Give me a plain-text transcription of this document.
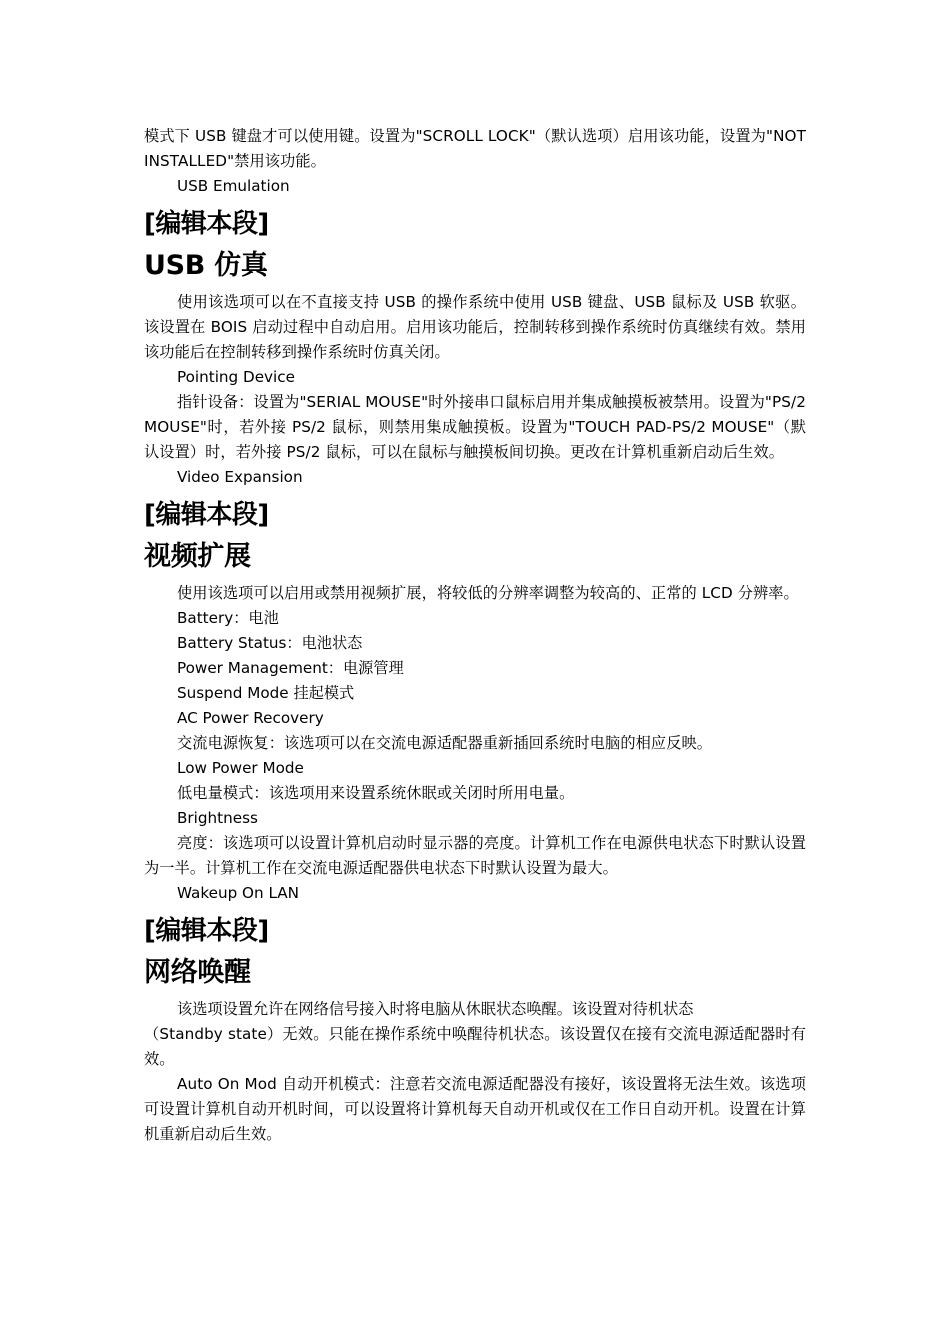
模式下 USB 键盘才可以使用键。设置为"SCROLL LOCK"（默认选项）启用该功能，设置为"NOT INSTALLED"禁用该功能。

USB Emulation

[编辑本段]
USB 仿真

使用该选项可以在不直接支持 USB 的操作系统中使用 USB 键盘、USB 鼠标及 USB 软驱。该设置在 BOIS 启动过程中自动启用。启用该功能后，控制转移到操作系统时仿真继续有效。禁用该功能后在控制转移到操作系统时仿真关闭。

Pointing Device

指针设备：设置为"SERIAL MOUSE"时外接串口鼠标启用并集成触摸板被禁用。设置为"PS/2 MOUSE"时，若外接 PS/2 鼠标，则禁用集成触摸板。设置为"TOUCH PAD-PS/2 MOUSE"（默认设置）时，若外接 PS/2 鼠标，可以在鼠标与触摸板间切换。更改在计算机重新启动后生效。

Video Expansion

[编辑本段]
视频扩展

使用该选项可以启用或禁用视频扩展，将较低的分辨率调整为较高的、正常的 LCD 分辨率。

Battery：电池

Battery Status：电池状态

Power Management：电源管理

Suspend Mode 挂起模式

AC Power Recovery

交流电源恢复：该选项可以在交流电源适配器重新插回系统时电脑的相应反映。

Low Power Mode

低电量模式：该选项用来设置系统休眠或关闭时所用电量。

Brightness

亮度：该选项可以设置计算机启动时显示器的亮度。计算机工作在电源供电状态下时默认设置为一半。计算机工作在交流电源适配器供电状态下时默认设置为最大。

Wakeup On LAN

[编辑本段]
网络唤醒

该选项设置允许在网络信号接入时将电脑从休眠状态唤醒。该设置对待机状态

（Standby state）无效。只能在操作系统中唤醒待机状态。该设置仅在接有交流电源适配器时有效。

Auto On Mod 自动开机模式：注意若交流电源适配器没有接好，该设置将无法生效。该选项可设置计算机自动开机时间，可以设置将计算机每天自动开机或仅在工作日自动开机。设置在计算机重新启动后生效。
